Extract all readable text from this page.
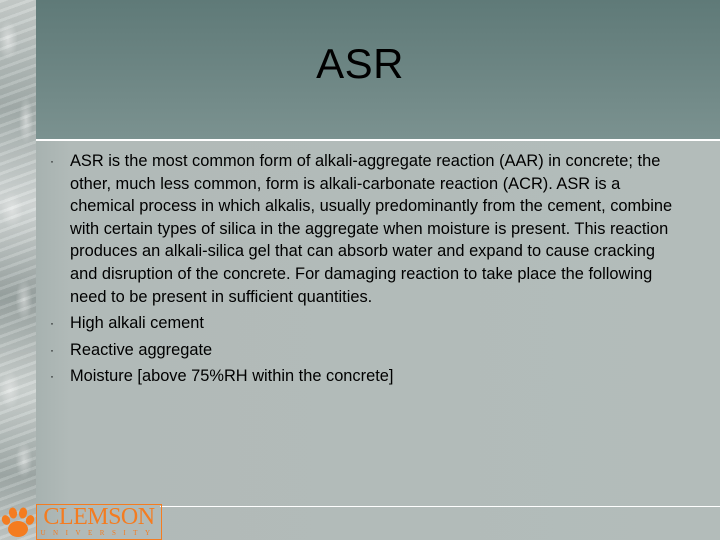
ASR
· ASR is the most common form of alkali-aggregate reaction (AAR) in concrete; the other, much less common, form is alkali-carbonate reaction (ACR). ASR is a chemical process in which alkalis, usually predominantly from the cement, combine with certain types of silica in the aggregate when moisture is present. This reaction produces an alkali-silica gel that can absorb water and expand to cause cracking and disruption of the concrete. For damaging reaction to take place the following need to be present in sufficient quantities.
· High alkali cement
· Reactive aggregate
· Moisture [above 75%RH within the concrete]
CLEMSON
UNIVERSITY
